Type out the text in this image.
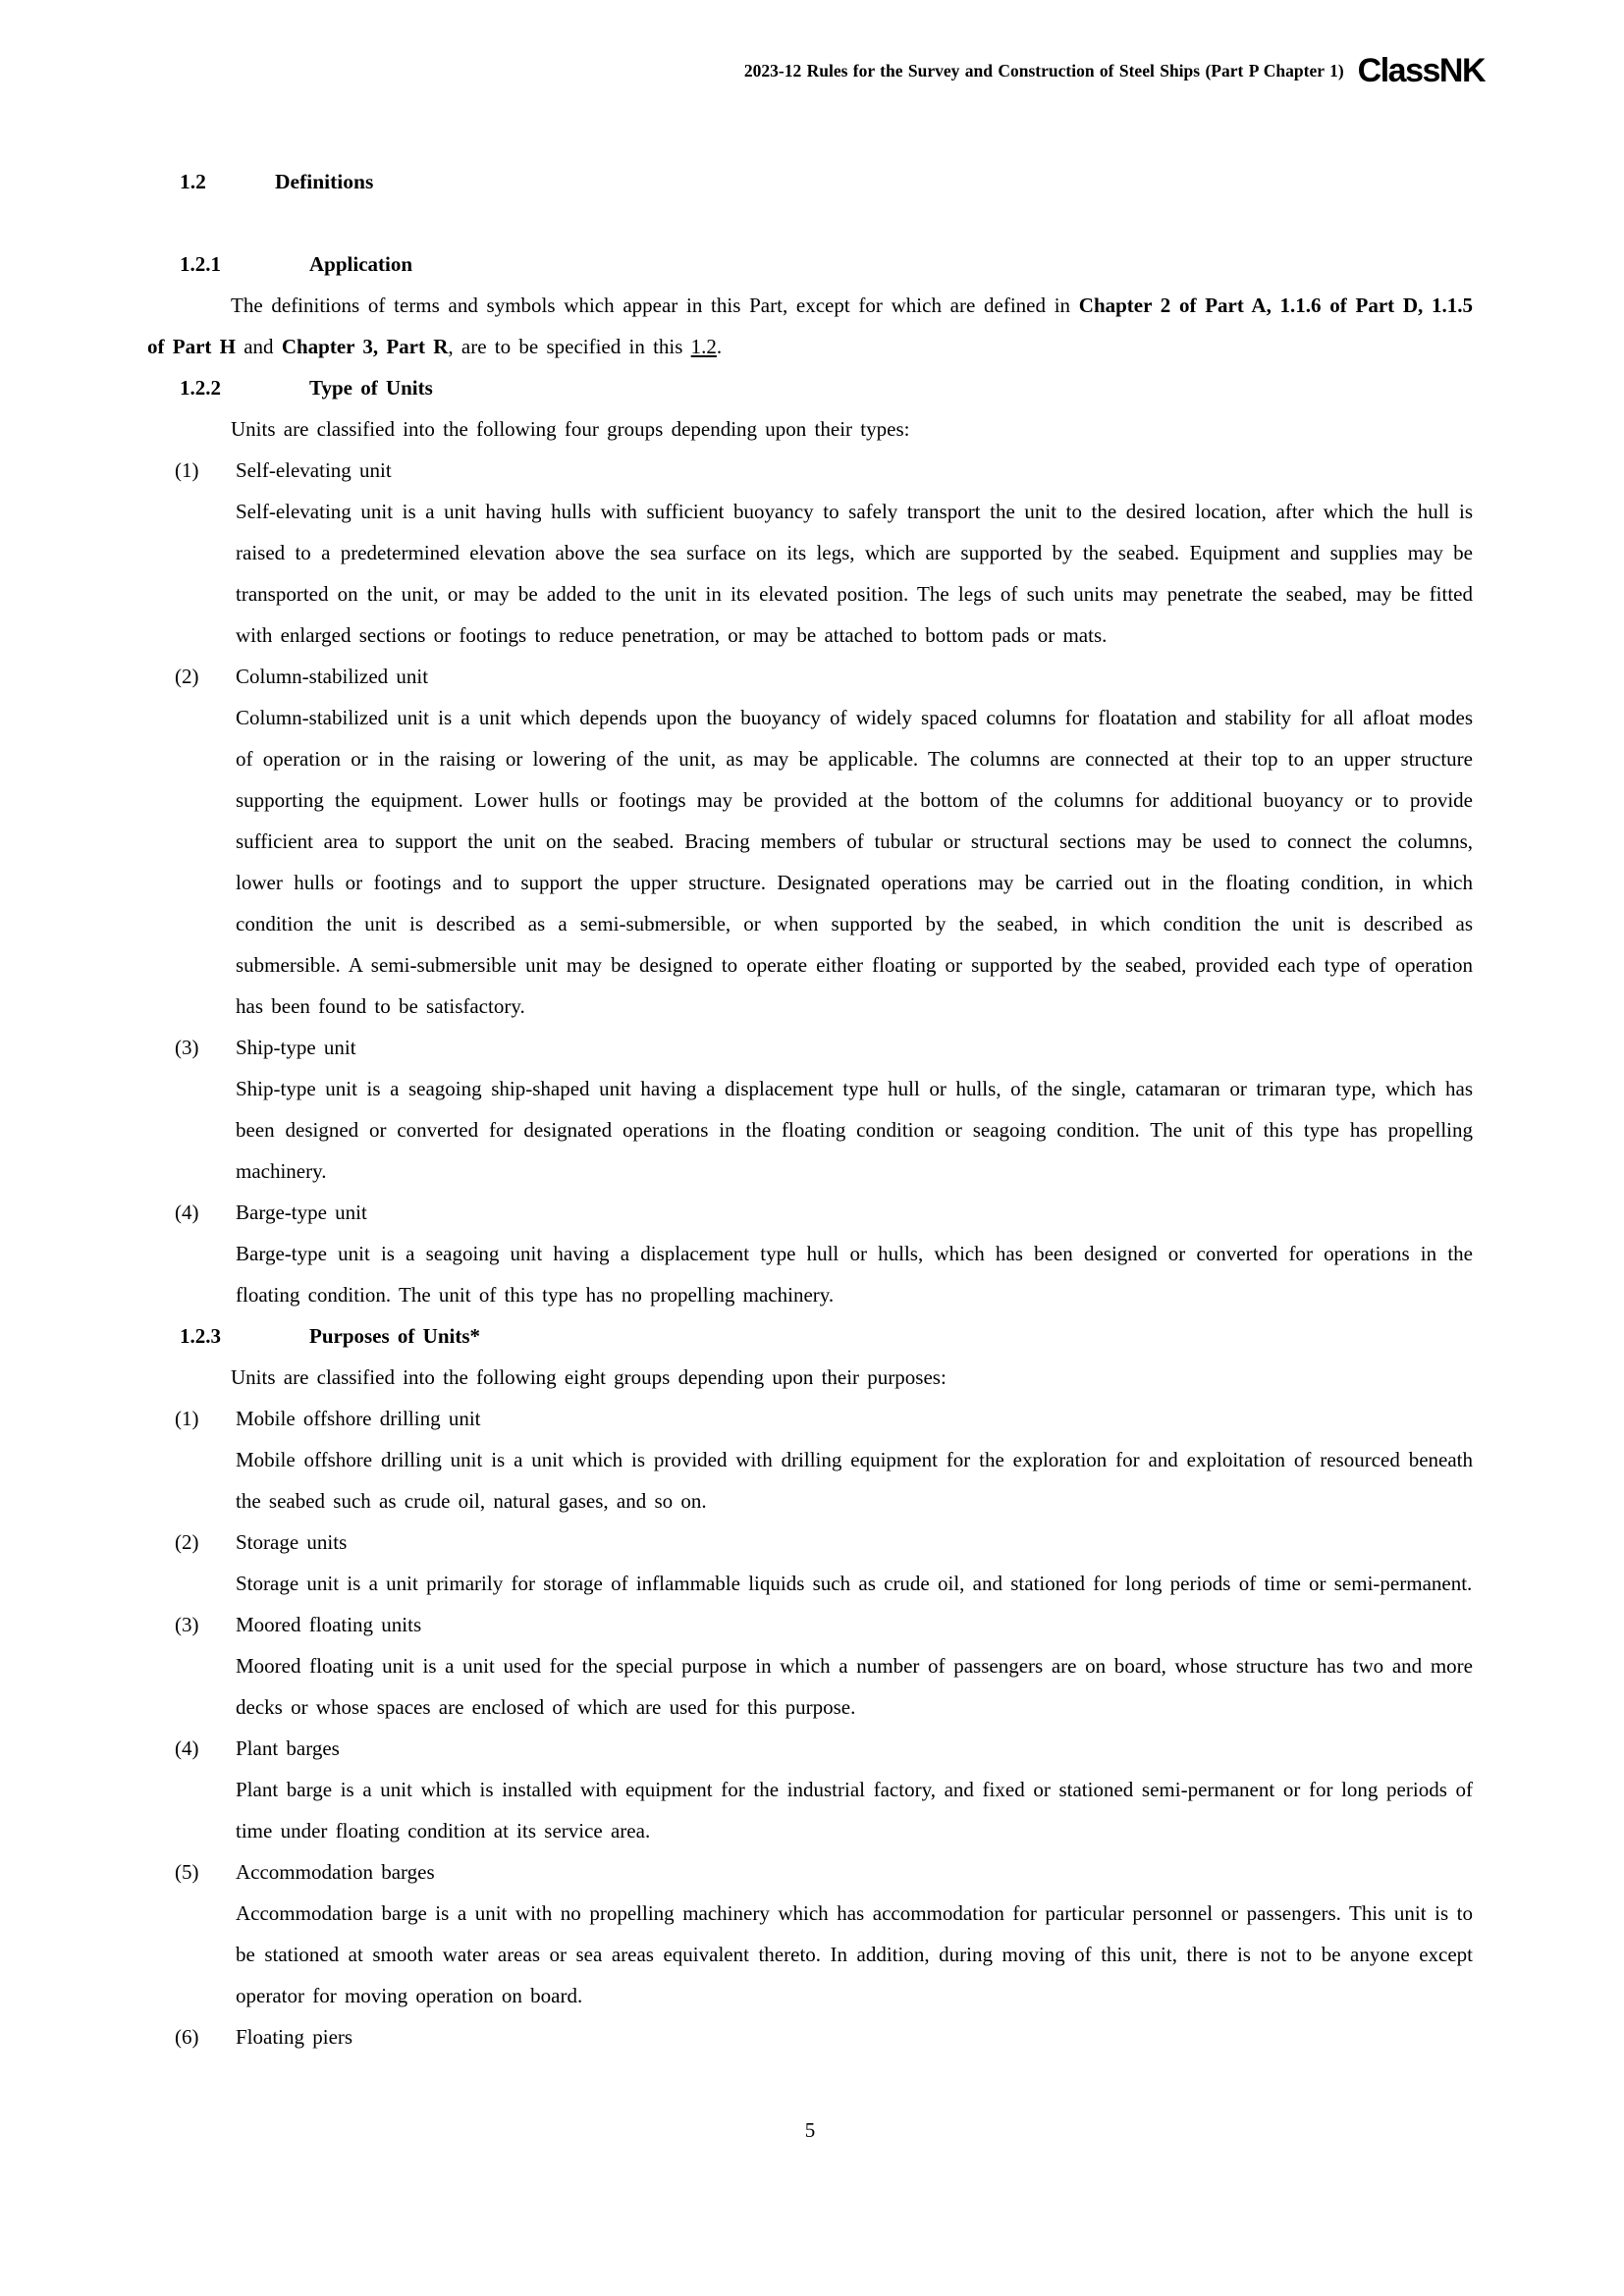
2023-12 Rules for the Survey and Construction of Steel Ships (Part P Chapter 1) ClassNK

1.2	Definitions

1.2.1	Application

The definitions of terms and symbols which appear in this Part, except for which are defined in Chapter 2 of Part A, 1.1.6 of Part D, 1.1.5 of Part H and Chapter 3, Part R, are to be specified in this 1.2.

1.2.2	Type of Units

Units are classified into the following four groups depending upon their types:

(1)	Self-elevating unit

Self-elevating unit is a unit having hulls with sufficient buoyancy to safely transport the unit to the desired location, after which the hull is raised to a predetermined elevation above the sea surface on its legs, which are supported by the seabed. Equipment and supplies may be transported on the unit, or may be added to the unit in its elevated position. The legs of such units may penetrate the seabed, may be fitted with enlarged sections or footings to reduce penetration, or may be attached to bottom pads or mats.

(2)	Column-stabilized unit

Column-stabilized unit is a unit which depends upon the buoyancy of widely spaced columns for floatation and stability for all afloat modes of operation or in the raising or lowering of the unit, as may be applicable. The columns are connected at their top to an upper structure supporting the equipment. Lower hulls or footings may be provided at the bottom of the columns for additional buoyancy or to provide sufficient area to support the unit on the seabed. Bracing members of tubular or structural sections may be used to connect the columns, lower hulls or footings and to support the upper structure. Designated operations may be carried out in the floating condition, in which condition the unit is described as a semi-submersible, or when supported by the seabed, in which condition the unit is described as submersible. A semi-submersible unit may be designed to operate either floating or supported by the seabed, provided each type of operation has been found to be satisfactory.

(3)	Ship-type unit

Ship-type unit is a seagoing ship-shaped unit having a displacement type hull or hulls, of the single, catamaran or trimaran type, which has been designed or converted for designated operations in the floating condition or seagoing condition. The unit of this type has propelling machinery.

(4)	Barge-type unit

Barge-type unit is a seagoing unit having a displacement type hull or hulls, which has been designed or converted for operations in the floating condition. The unit of this type has no propelling machinery.

1.2.3	Purposes of Units*

Units are classified into the following eight groups depending upon their purposes:

(1)	Mobile offshore drilling unit

Mobile offshore drilling unit is a unit which is provided with drilling equipment for the exploration for and exploitation of resourced beneath the seabed such as crude oil, natural gases, and so on.

(2)	Storage units

Storage unit is a unit primarily for storage of inflammable liquids such as crude oil, and stationed for long periods of time or semi-permanent.

(3)	Moored floating units

Moored floating unit is a unit used for the special purpose in which a number of passengers are on board, whose structure has two and more decks or whose spaces are enclosed of which are used for this purpose.

(4)	Plant barges

Plant barge is a unit which is installed with equipment for the industrial factory, and fixed or stationed semi-permanent or for long periods of time under floating condition at its service area.

(5)	Accommodation barges

Accommodation barge is a unit with no propelling machinery which has accommodation for particular personnel or passengers. This unit is to be stationed at smooth water areas or sea areas equivalent thereto. In addition, during moving of this unit, there is not to be anyone except operator for moving operation on board.

(6)	Floating piers

5
